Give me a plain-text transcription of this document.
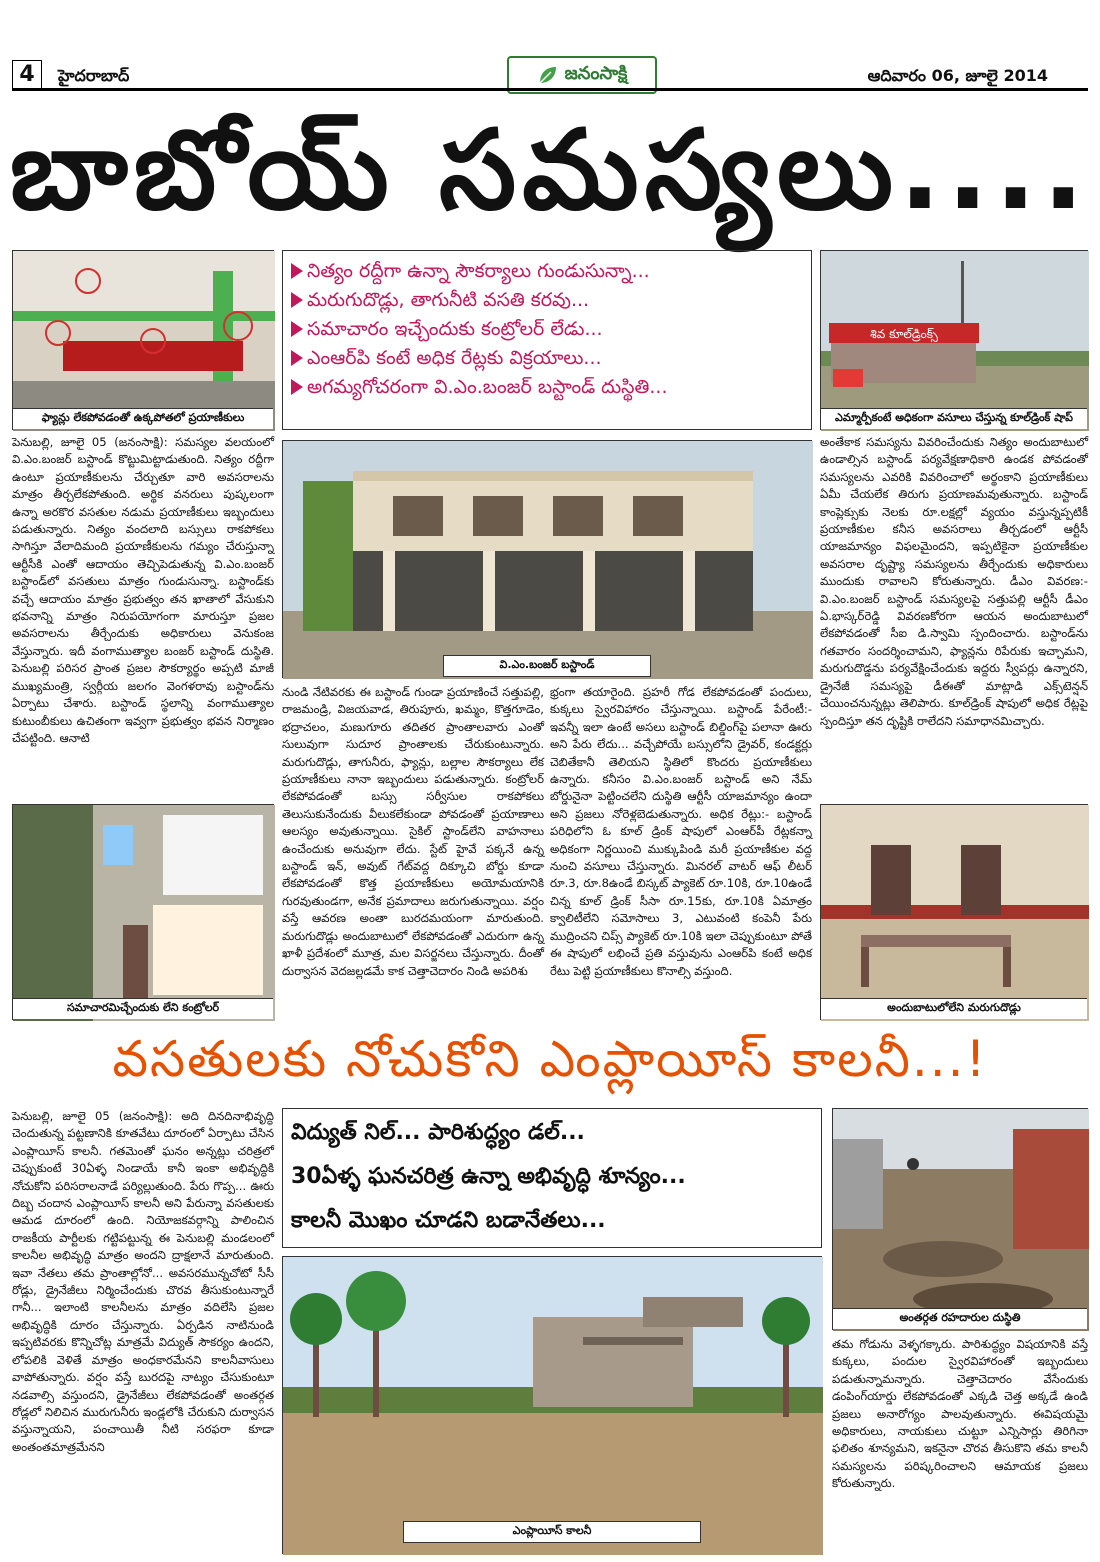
4	హైదరాబాద్	జనంసాక్షి	ఆదివారం 06, జూలై 2014
బాబోయ్ సమస్యలు....
ఫ్యాన్లు లేకపోవడంతో ఉక్కపోతలో ప్రయాణీకులు
నిత్యం రద్దీగా ఉన్నా సౌకర్యాలు గుండుసున్నా...
మరుగుదొడ్లు, తాగునీటి వసతి కరవు...
సమాచారం ఇచ్చేందుకు కంట్రోలర్ లేడు...
ఎంఆర్‌పి కంటే అధిక రేట్లకు విక్రయాలు...
అగమ్యగోచరంగా వి.ఎం.బంజర్ బస్టాండ్ దుస్థితి...
శివ కూల్‌డ్రింక్స్
ఎమ్మార్పీకంటే అధికంగా వసూలు చేస్తున్న కూల్‌డ్రింక్ షాప్
పెనుబల్లి, జూలై 05 (జనంసాక్షి): సమస్యల వలయంలో వి.ఎం.బంజర్ బస్టాండ్ కొట్టుమిట్టాడుతుంది. నిత్యం రద్దీగా ఉంటూ ప్రయాణీకులను చేర్చుతూ వారి అవసరాలను మాత్రం తీర్చలేకపోతుంది. అర్థిక వనరులు పుష్కలంగా ఉన్నా అరకొర వసతుల నడుమ ప్రయాణీకులు ఇబ్బందులు పడుతున్నారు. నిత్యం వందలాది బస్సులు రాకపోకలు సాగిస్తూ వేలాదిమంది ప్రయాణీకులను గమ్యం చేరుస్తున్నా ఆర్టీసీకి ఎంతో ఆదాయం తెచ్చిపెడుతున్న వి.ఎం.బంజర్ బస్టాండ్‌లో వసతులు మాత్రం గుండుసున్నా. బస్టాండ్‌కు వచ్చే ఆదాయం మాత్రం ప్రభుత్వం తన ఖాతాలో వేసుకుని భవనాన్ని మాత్రం నిరుపయోగంగా మారుస్తూ ప్రజల అవసరాలను తీర్చేందుకు అధికారులు వెనుకంజ వేస్తున్నారు. ఇదీ వంగాముత్యాల బంజర్ బస్టాండ్ దుస్థితి. పెనుబల్లి పరిసర ప్రాంత ప్రజల సౌకర్యార్థం అప్పటి మాజీ ముఖ్యమంత్రి, స్వర్గీయ జలగం వెంగళరావు బస్టాండ్‌ను ఏర్పాటు చేశారు. బస్టాండ్ స్థలాన్ని వంగాముత్యాల కుటుంబీకులు ఉచితంగా ఇవ్వగా ప్రభుత్వం భవన నిర్మాణం చేపట్టింది. ఆనాటి
వి.ఎం.బంజర్ బస్టాండ్
అంతేకాక సమస్యను వివరించేందుకు నిత్యం అందుబాటులో ఉండాల్సిన బస్టాండ్ పర్యవేక్షణాధికారి ఉండక పోవడంతో సమస్యలను ఎవరికి వివరించాలో అర్థంకాని ప్రయాణీకులు ఏమీ చేయలేక తిరుగు ప్రయాణమవుతున్నారు. బస్టాండ్ కాంప్లెక్సుకు నెలకు రూ.లక్షల్లో వ్యయం వస్తున్నప్పటికీ ప్రయాణీకుల కనీస అవసరాలు తీర్చడంలో ఆర్టీసీ యాజమాన్యం విఫలమైందని, ఇప్పటికైనా ప్రయాణీకుల అవసరాల దృష్ట్యా సమస్యలను తీర్చేందుకు అధికారులు ముందుకు రావాలని కోరుతున్నారు. డీఎం వివరణ:- వి.ఎం.బంజర్ బస్టాండ్ సమస్యలపై సత్తుపల్లి ఆర్టీసీ డీఎం ఏ.భాస్కర్‌రెడ్డి వివరణకోరగా ఆయన అందుబాటులో లేకపోవడంతో సీఐ డి.స్వామి స్పందించారు. బస్టాండ్‌ను గతవారం సందర్శించామని, ఫ్యాన్లను రిపేరుకు ఇచ్చామని, మరుగుదొడ్డను పర్యవేక్షించేందుకు ఇద్దరు స్వీపర్లు ఉన్నారని, డ్రైనేజీ సమస్యపై డీఈతో మాట్లాడి ఎక్స్‌టెన్షన్ చేయించనున్నట్లు తెలిపారు. కూల్‌డ్రింక్ షాపులో అధిక రేట్లపై స్పందిస్తూ తన దృష్టికి రాలేదని సమాధానమిచ్చారు.
నుండి నేటివరకు ఈ బస్టాండ్ గుండా ప్రయాణించే సత్తుపల్లి, రాజమండ్రి, విజయవాడ, తిరుపూరు, ఖమ్మం, కొత్తగూడెం, భద్రాచలం, మణుగూరు తదితర ప్రాంతాలవారు ఎంతో సులువుగా సుదూర ప్రాంతాలకు చేరుకుంటున్నారు. మరుగుదొడ్లు, తాగునీరు, ఫ్యాన్లు, బల్లాల సౌకర్యాలు లేక ప్రయాణీకులు నానా ఇబ్బందులు పడుతున్నారు. కంట్రోలర్ లేకపోవడంతో బస్సు సర్వీసుల రాకపోకలు తెలుసుకునేందుకు వీలుకలేకుండా పోవడంతో ప్రయాణాలు ఆలస్యం అవుతున్నాయి. సైకిల్ స్టాండ్‌లేని వాహనాలు ఉంచేందుకు అనువుగా లేదు. స్టేట్ హైవే పక్కనే ఉన్న బస్టాండ్ ఇన్, అవుట్ గేట్‌వద్ద దిక్కూచి బోర్డు కూడా లేకపోవడంతో కొత్త ప్రయాణీకులు అయోమయానికి గురవుతుండగా, అనేక ప్రమాదాలు జరుగుతున్నాయి. వర్షం వస్తే ఆవరణ అంతా బురదమయంగా మారుతుంది. మరుగుదొడ్లు అందుబాటులో లేకపోవడంతో ఎదురుగా ఉన్న ఖాళీ ప్రదేశంలో మూత్ర, మల విసర్జనలు చేస్తున్నారు. దీంతో దుర్వాసన వెదజల్లడమే కాక చెత్తాచెదారం నిండి అపరిశు
భ్రంగా తయారైంది. ప్రహరీ గోడ లేకపోవడంతో పందులు, కుక్కలు స్వైరవిహారం చేస్తున్నాయి. బస్టాండ్ పేరేంటీ:- ఇవన్నీ ఇలా ఉంటే అసలు బస్టాండ్ బిల్డింగ్‌పై పలానా ఊరు అని పేరు లేదు... వచ్చేపోయే బస్సులోని డ్రైవర్, కండక్టర్లు చెబితేకానీ తెలియని స్థితిలో కొందరు ప్రయాణీకులు ఉన్నారు. కనీసం వి.ఎం.బంజర్ బస్టాండ్ అని నేమ్ బోర్డునైనా పెట్టించలేని దుస్థితి ఆర్టీసీ యాజమాన్యం ఉందా అని ప్రజలు నోరెళ్లబెడుతున్నారు. అధిక రేట్లు:- బస్టాండ్ పరిధిలోని ఓ కూల్ డ్రింక్ షాపులో ఎంఆర్‌పీ రేట్లకన్నా అధికంగా నిర్ణయించి ముక్కుపిండి మరీ ప్రయాణీకుల వద్ద నుంచి వసూలు చేస్తున్నారు. మినరల్ వాటర్ ఆఫ్ లీటర్ రూ.3, రూ.8ఉండే బిస్కట్ ప్యాకెట్ రూ.10కి, రూ.10ఉండే చిన్న కూల్ డ్రింక్ సీసా రూ.15కు, రూ.10కి ఏమాత్రం క్వాలిటీలేని సమోసాలు 3, ఎటువంటి కంపెనీ పేరు ముద్రించని చిప్స్ ప్యాకెట్ రూ.10కి ఇలా చెప్పుకుంటూ పోతే ఈ షాపులో లభించే ప్రతి వస్తువును ఎంఆర్‌పి కంటే అధిక రేటు పెట్టి ప్రయాణీకులు కొనాల్సి వస్తుంది.
సమాచారమిచ్చేందుకు లేని కంట్రోలర్	అందుబాటులోలేని మరుగుదొడ్లు
వసతులకు నోచుకోని ఎంప్లాయీస్ కాలనీ...!
పెనుబల్లి, జూలై 05 (జనంసాక్షి): అది దినదినాభివృద్ధి చెందుతున్న పట్టణానికి కూతవేటు దూరంలో ఏర్పాటు చేసిన ఎంప్లాయీస్ కాలనీ. గతమెంతో ఘనం అన్నట్లు చరిత్రలో చెప్పుకుంటే 30ఏళ్ళ నిండాయే కానీ ఇంకా అభివృద్ధికి నోచుకోని పరిసరాలనాడే పర్యిల్లుతుంది. పేరు గొప్ప... ఊరు దిబ్బ చందాన ఎంప్లాయీస్ కాలనీ అని పేరున్నా వసతులకు ఆమడ దూరంలో ఉంది. నియోజకవర్గాన్ని పాలించిన రాజకీయ పార్టీలకు గట్టిపట్టున్న ఈ పెనుబల్లి మండలంలో కాలనీల అభివృద్ధి మాత్రం అందని ద్రాక్షలానే మారుతుంది. ఇవా నేతలు తమ ప్రాంతాల్లోనో... అవసరమున్నచోటో సీసీ రోడ్లు, డ్రైనేజీలు నిర్మించేందుకు చొరవ తీసుకుంటున్నారే గానీ... ఇలాంటి కాలనీలను మాత్రం వదిలేసి ప్రజల అభివృద్ధికి దూరం చేస్తున్నారు. ఏర్పడిన నాటినుండి ఇప్పటివరకు కొన్నిచోట్ల మాత్రమే విద్యుత్ సౌకర్యం ఉందని, లోపలికి వెళితే మాత్రం అంధకారమేనని కాలనీవాసులు వాపోతున్నారు. వర్షం వస్తే బురదపై నాట్యం చేసుకుంటూ నడవాల్సి వస్తుందని, డ్రైనేజీలు లేకపోవడంతో అంతర్గత రోడ్లలో నిలిచిన మురుగునీరు ఇండ్లలోకి చేరుకుని దుర్వాసన వస్తున్నాయని, పంచాయితీ నీటి సరఫరా కూడా అంతంతమాత్రమేనని
విద్యుత్ నిల్... పారిశుద్ధ్యం డల్...
30ఏళ్ళ ఘనచరిత్ర ఉన్నా అభివృద్ధి శూన్యం...
కాలనీ మొఖం చూడని బడానేతలు...
ఎంప్లాయీస్ కాలనీ
అంతర్గత రహదారుల దుస్థితి
తమ గోడును వెళ్ళగక్కారు. పారిశుద్ధ్యం విషయానికి వస్తే కుక్కలు, పందుల స్వైరవిహారంతో ఇబ్బందులు పడుతున్నామన్నారు. చెత్తాచెదారం వేసేందుకు డంపింగ్‌యార్డు లేకపోవడంతో ఎక్కడి చెత్త అక్కడే ఉండి ప్రజలు అనారోగ్యం పాలవుతున్నారు. ఈవిషయమై అధికారులు, నాయకులు చుట్టూ ఎన్నిసార్లు తిరిగినా ఫలితం శూన్యమని, ఇకనైనా చొరవ తీసుకొని తమ కాలనీ సమస్యలను పరిష్కరించాలని ఆమాయక ప్రజలు కోరుతున్నారు.
